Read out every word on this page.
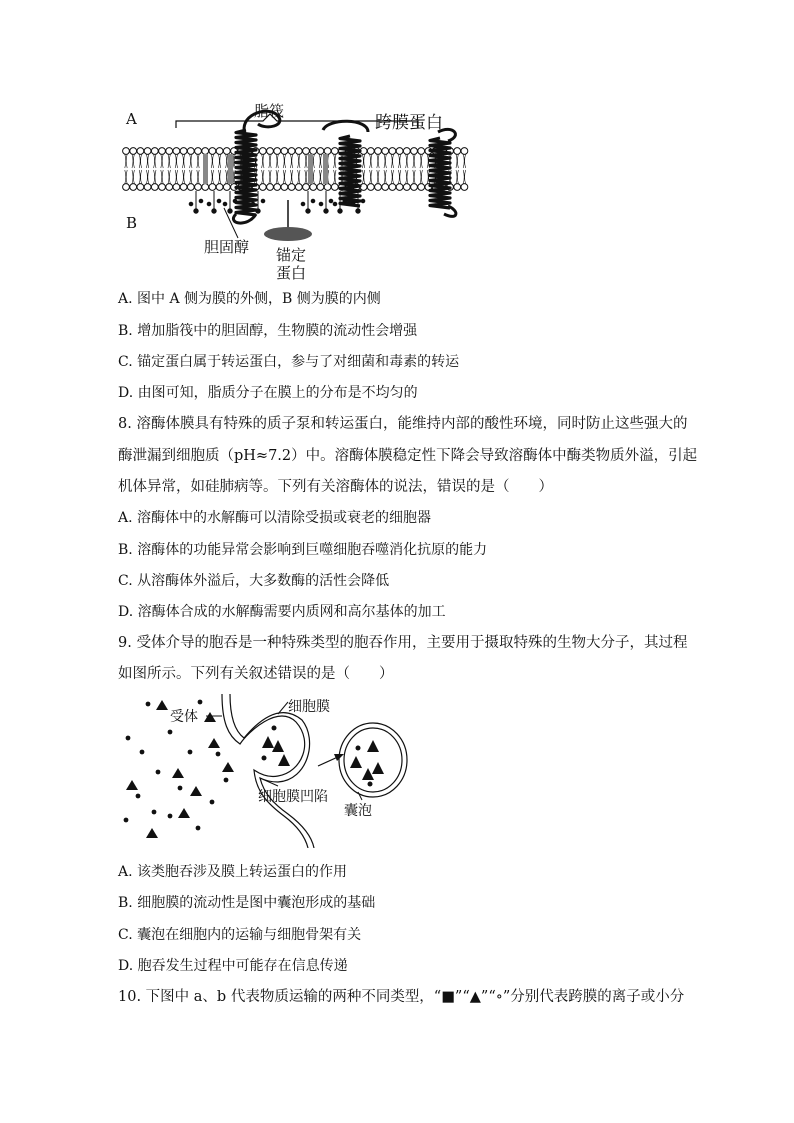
A
B
脂筏
跨膜蛋白
胆固醇 锚定
蛋白
A. 图中 A 侧为膜的外侧，B 侧为膜的内侧
B. 增加脂筏中的胆固醇，生物膜的流动性会增强
C. 锚定蛋白属于转运蛋白，参与了对细菌和毒素的转运
D. 由图可知，脂质分子在膜上的分布是不均匀的
8. 溶酶体膜具有特殊的质子泵和转运蛋白，能维持内部的酸性环境，同时防止这些强大的
酶泄漏到细胞质（pH≈7.2）中。溶酶体膜稳定性下降会导致溶酶体中酶类物质外溢，引起
机体异常，如硅肺病等。下列有关溶酶体的说法，错误的是（　　）
A. 溶酶体中的水解酶可以清除受损或衰老的细胞器
B. 溶酶体的功能异常会影响到巨噬细胞吞噬消化抗原的能力
C. 从溶酶体外溢后，大多数酶的活性会降低
D. 溶酶体合成的水解酶需要内质网和高尔基体的加工
9. 受体介导的胞吞是一种特殊类型的胞吞作用，主要用于摄取特殊的生物大分子，其过程
如图所示。下列有关叙述错误的是（　　）
受体
细胞膜
细胞膜凹陷
囊泡
A. 该类胞吞涉及膜上转运蛋白的作用
B. 细胞膜的流动性是图中囊泡形成的基础
C. 囊泡在细胞内的运输与细胞骨架有关
D. 胞吞发生过程中可能存在信息传递
10. 下图中 a、b 代表物质运输的两种不同类型，“■”“▲”“∘”分别代表跨膜的离子或小分
